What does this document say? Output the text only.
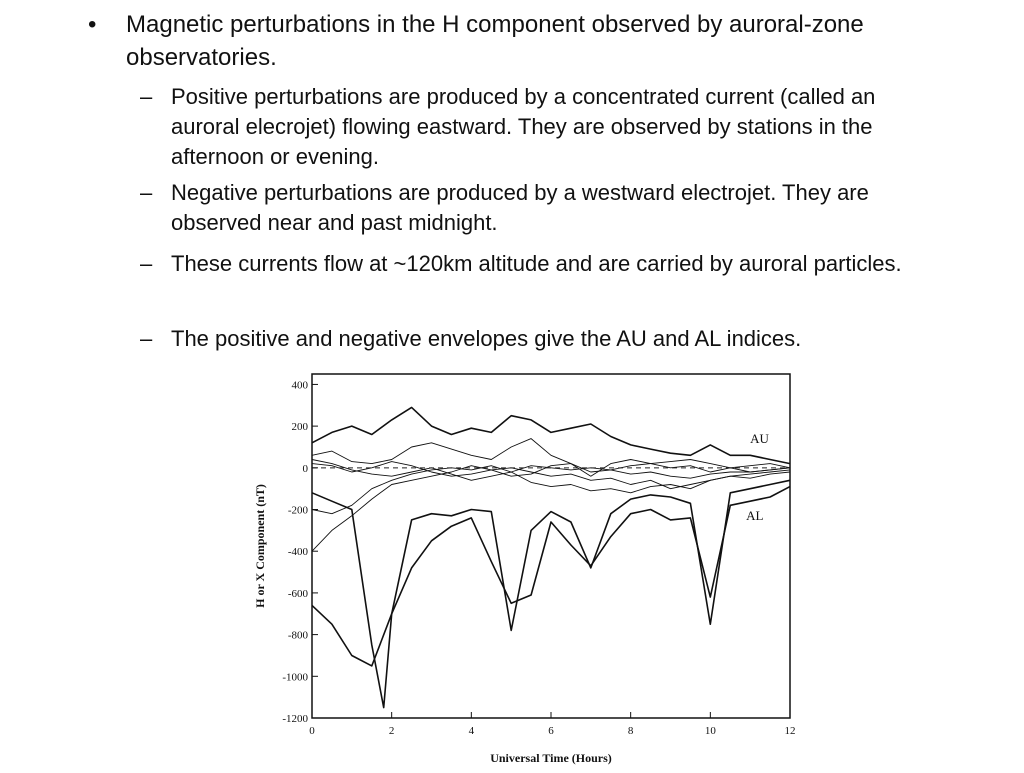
• Magnetic perturbations in the H component observed by auroral-zone observatories.
– Positive perturbations are produced by a concentrated current (called an auroral elecrojet) flowing eastward. They are observed by stations in the afternoon or evening.
– Negative perturbations are produced by a westward electrojet. They are observed near and past midnight.
– These currents flow at ~120km altitude and are carried by auroral particles.
– The positive and negative envelopes give the AU and AL indices.
400
200
0
-200
-400
-600
-800
-1000
-1200
0	2	4	6	8	10	12
AU
AL
Universal Time (Hours)
H or X Component (nT)
